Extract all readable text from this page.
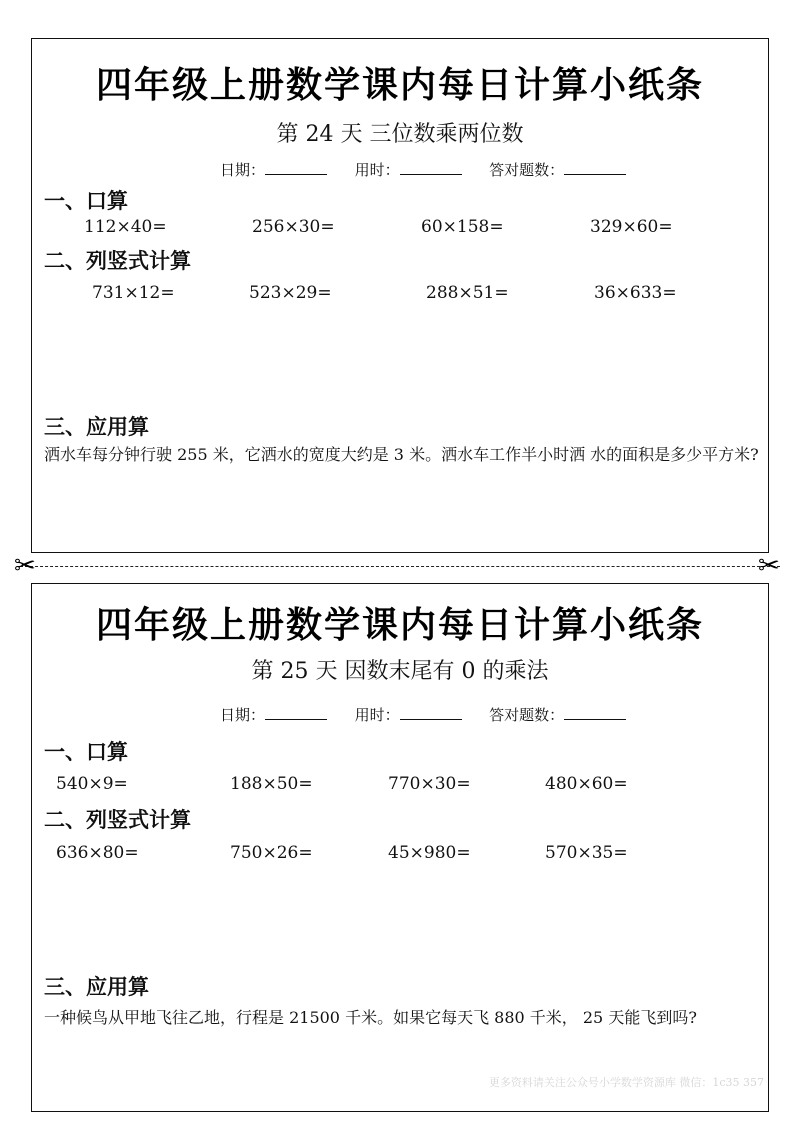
四年级上册数学课内每日计算小纸条
第 24 天 三位数乘两位数
日期：	用时：	答对题数：
一、口算
112×40=	256×30=	60×158=	329×60=
二、列竖式计算
731×12=	523×29=	288×51=	36×633=
三、应用算
洒水车每分钟行驶 255 米，它洒水的宽度大约是 3 米。洒水车工作半小时洒 水的面积是多少平方米?
✂	✂
四年级上册数学课内每日计算小纸条
第 25 天 因数末尾有 0 的乘法
日期：	用时：	答对题数：
一、口算
540×9=	188×50=	770×30=	480×60=
二、列竖式计算
636×80=	750×26=	45×980=	570×35=
三、应用算
一种候鸟从甲地飞往乙地，行程是 21500 千米。如果它每天飞 880 千米， 25 天能飞到吗?
更多资料请关注公众号小学数学资源库 微信：1c35 357
